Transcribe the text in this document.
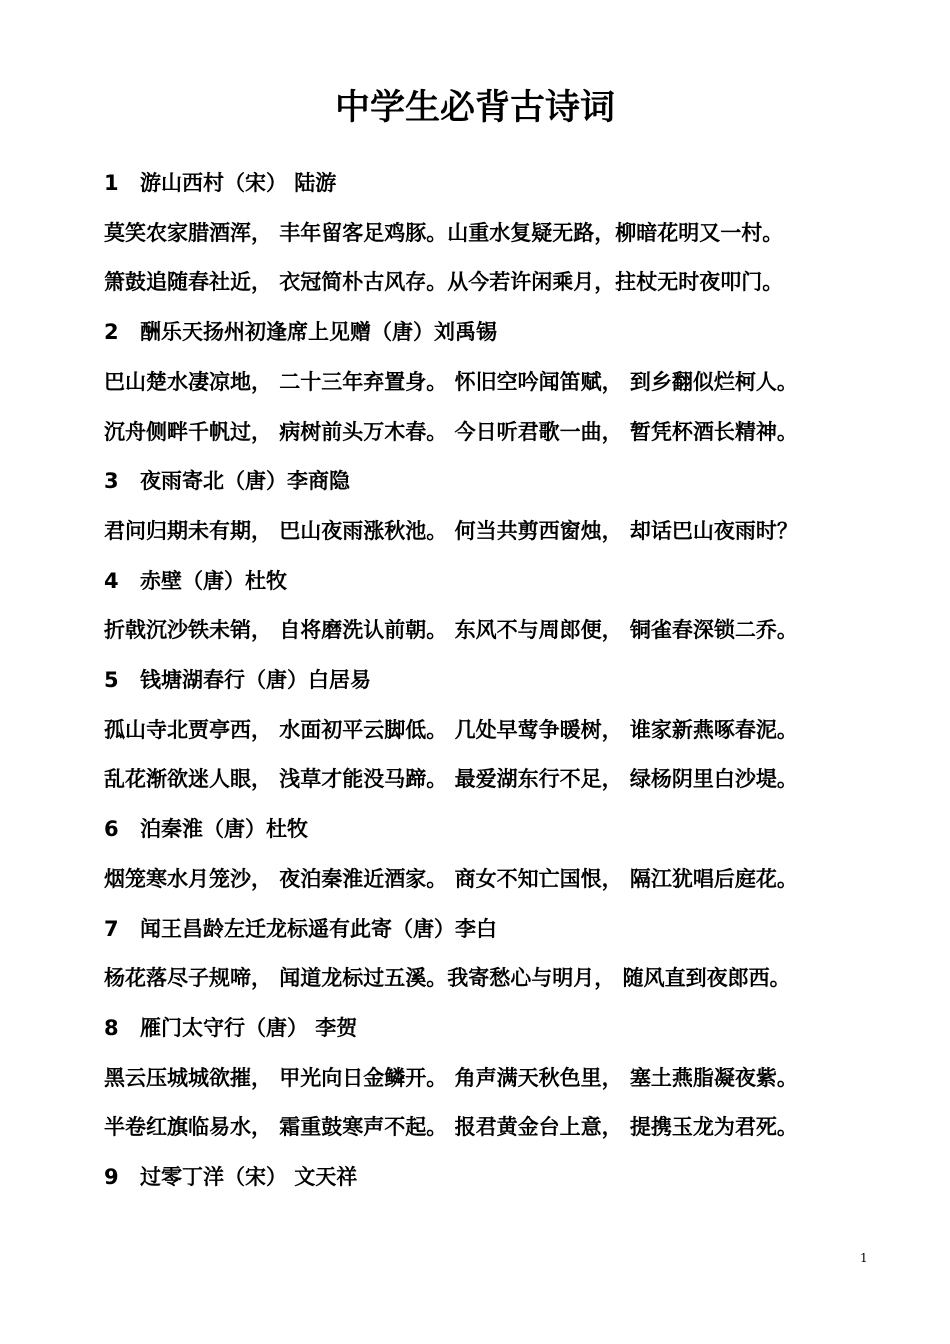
中学生必背古诗词
1 游山西村（宋） 陆游
莫笑农家腊酒浑， 丰年留客足鸡豚。山重水复疑无路，柳暗花明又一村。
箫鼓追随春社近， 衣冠简朴古风存。从今若许闲乘月，拄杖无时夜叩门。
2 酬乐天扬州初逢席上见赠（唐）刘禹锡
巴山楚水凄凉地， 二十三年弃置身。 怀旧空吟闻笛赋， 到乡翻似烂柯人。
沉舟侧畔千帆过， 病树前头万木春。 今日听君歌一曲， 暂凭杯酒长精神。
3 夜雨寄北（唐）李商隐
君问归期未有期， 巴山夜雨涨秋池。 何当共剪西窗烛， 却话巴山夜雨时？
4 赤壁（唐）杜牧
折戟沉沙铁未销， 自将磨洗认前朝。 东风不与周郎便， 铜雀春深锁二乔。
5 钱塘湖春行（唐）白居易
孤山寺北贾亭西， 水面初平云脚低。 几处早莺争暖树， 谁家新燕啄春泥。
乱花渐欲迷人眼， 浅草才能没马蹄。 最爱湖东行不足， 绿杨阴里白沙堤。
6 泊秦淮（唐）杜牧
烟笼寒水月笼沙， 夜泊秦淮近酒家。 商女不知亡国恨， 隔江犹唱后庭花。
7 闻王昌龄左迁龙标遥有此寄（唐）李白
杨花落尽子规啼， 闻道龙标过五溪。我寄愁心与明月， 随风直到夜郎西。
8 雁门太守行（唐） 李贺
黑云压城城欲摧， 甲光向日金鳞开。 角声满天秋色里， 塞土燕脂凝夜紫。
半卷红旗临易水， 霜重鼓寒声不起。 报君黄金台上意， 提携玉龙为君死。
9 过零丁洋（宋） 文天祥
1
